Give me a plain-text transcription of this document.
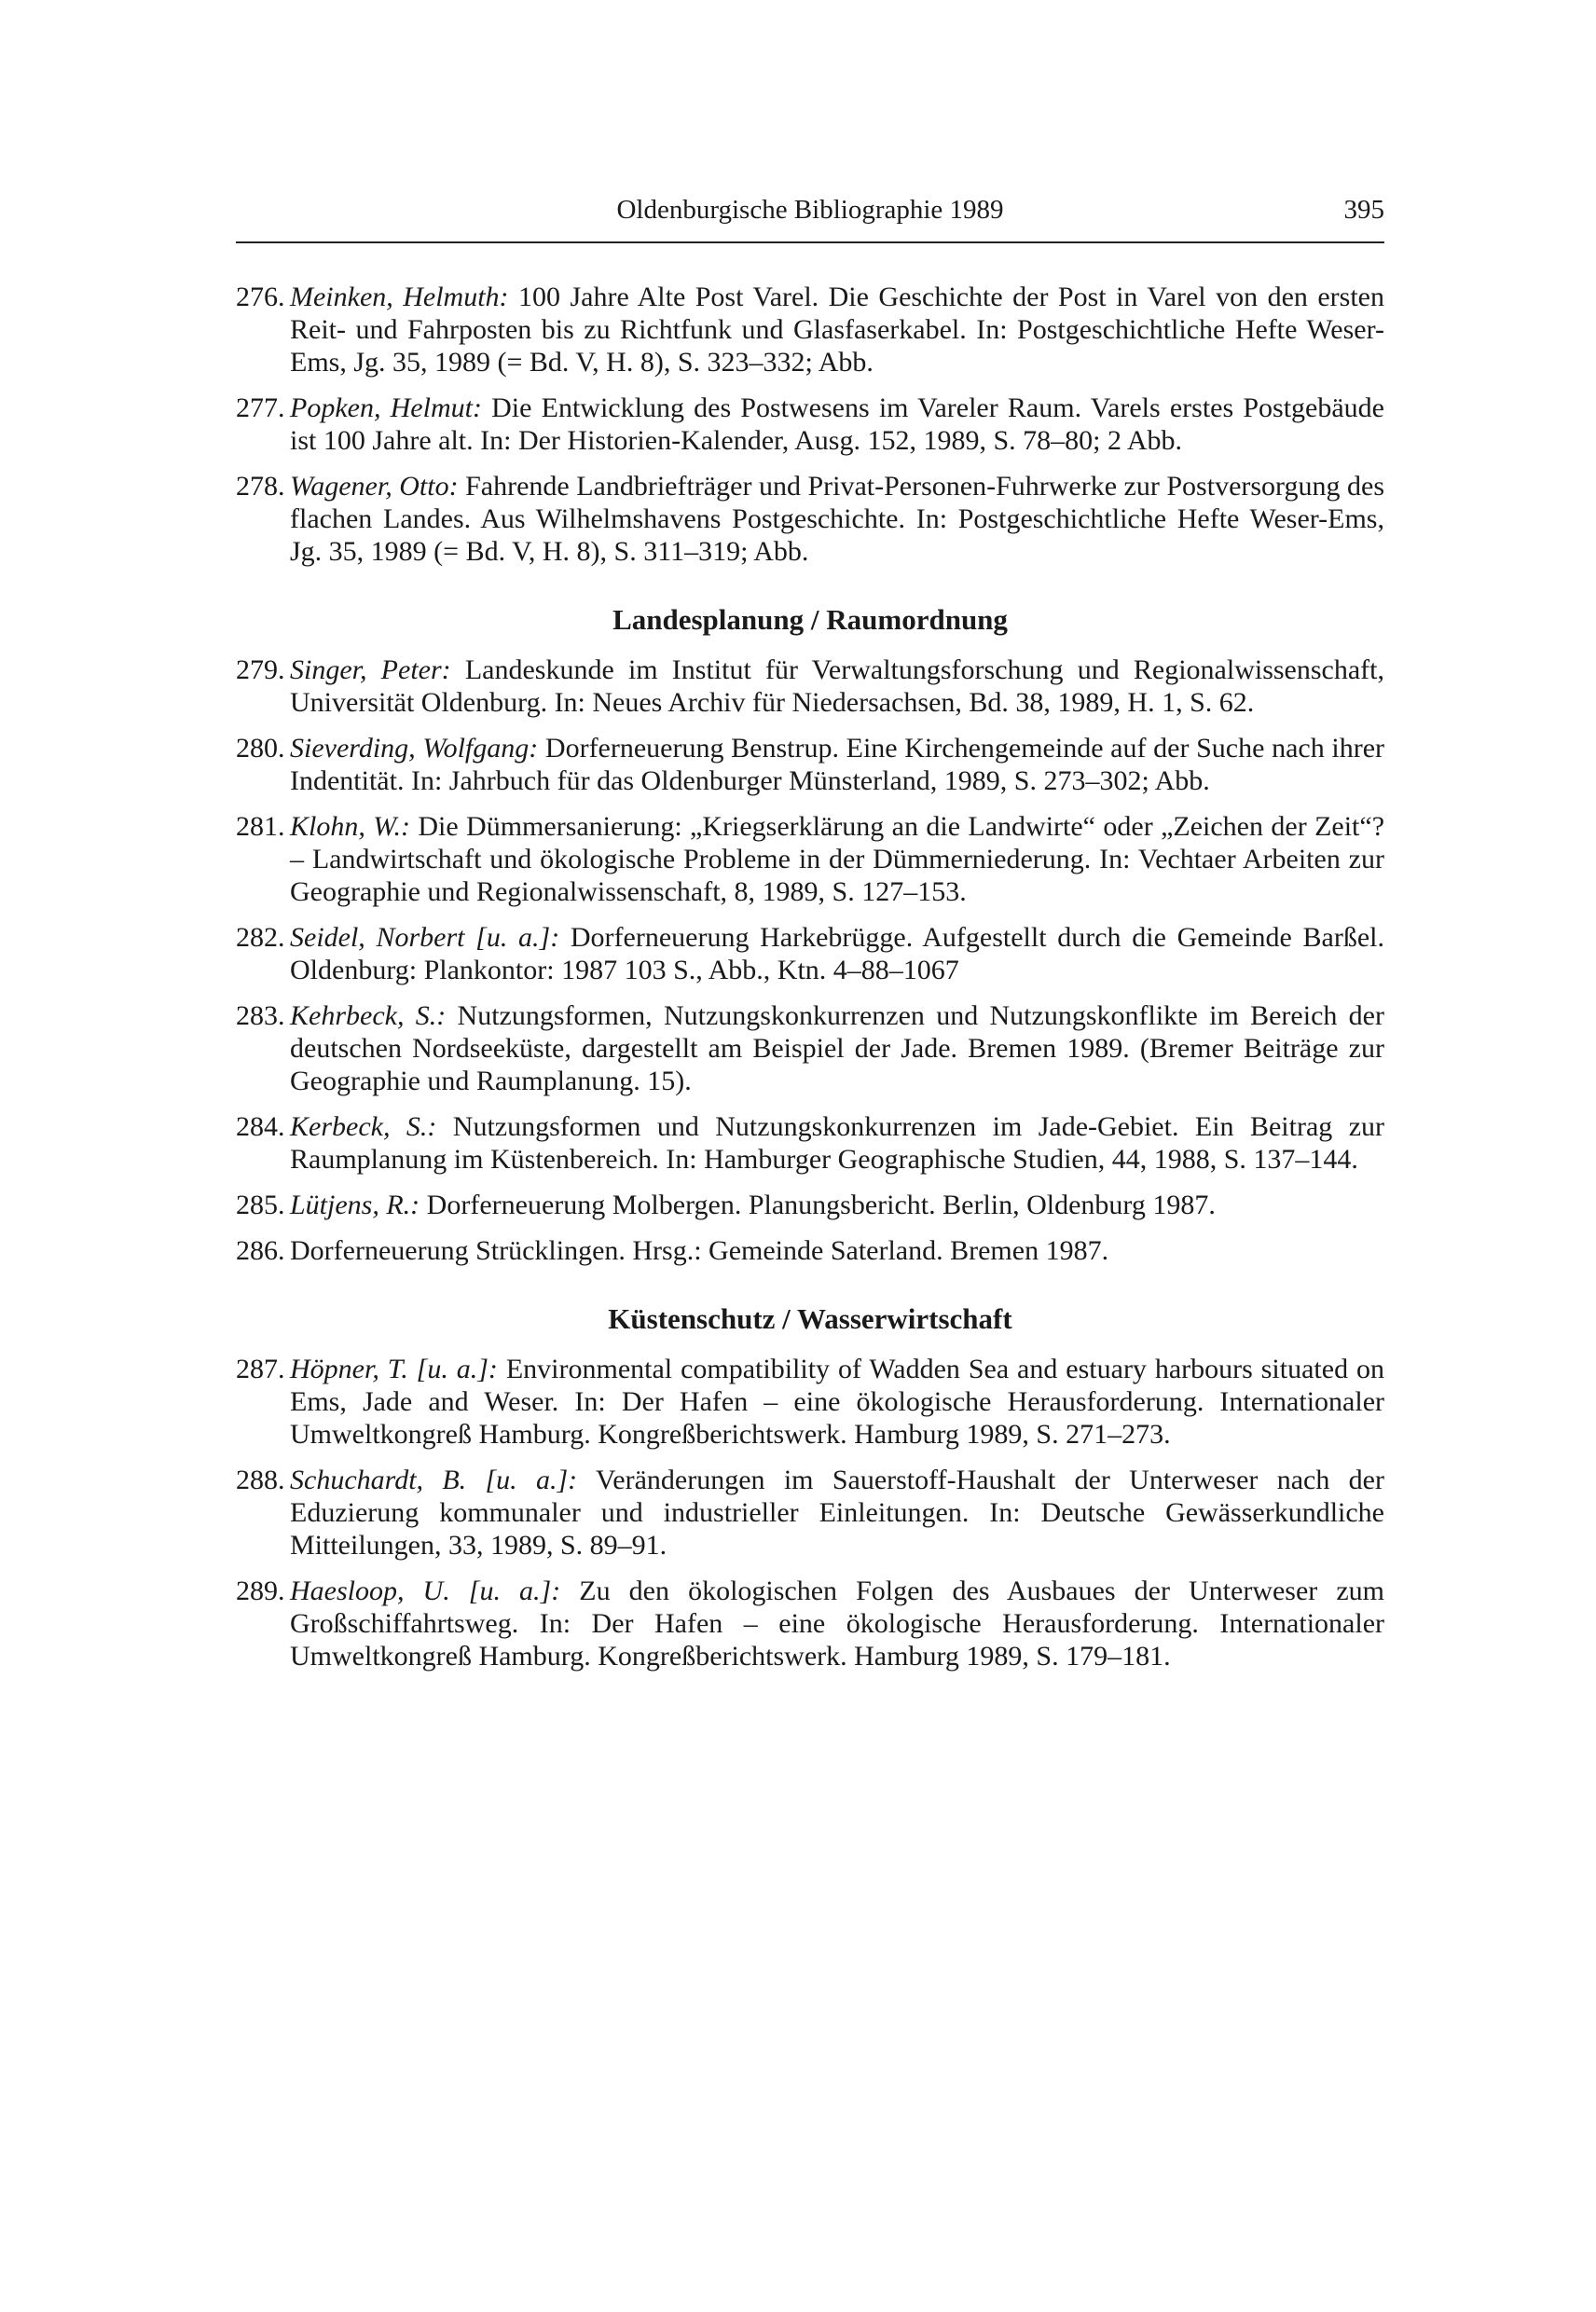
Oldenburgische Bibliographie 1989	395
276. Meinken, Helmuth: 100 Jahre Alte Post Varel. Die Geschichte der Post in Varel von den ersten Reit- und Fahrposten bis zu Richtfunk und Glasfaserkabel. In: Postgeschichtliche Hefte Weser-Ems, Jg. 35, 1989 (= Bd. V, H. 8), S. 323–332; Abb.
277. Popken, Helmut: Die Entwicklung des Postwesens im Vareler Raum. Varels erstes Postgebäude ist 100 Jahre alt. In: Der Historien-Kalender, Ausg. 152, 1989, S. 78–80; 2 Abb.
278. Wagener, Otto: Fahrende Landbriefträger und Privat-Personen-Fuhrwerke zur Postversorgung des flachen Landes. Aus Wilhelmshavens Postgeschichte. In: Postgeschichtliche Hefte Weser-Ems, Jg. 35, 1989 (= Bd. V, H. 8), S. 311–319; Abb.
Landesplanung / Raumordnung
279. Singer, Peter: Landeskunde im Institut für Verwaltungsforschung und Regionalwissenschaft, Universität Oldenburg. In: Neues Archiv für Niedersachsen, Bd. 38, 1989, H. 1, S. 62.
280. Sieverding, Wolfgang: Dorferneuerung Benstrup. Eine Kirchengemeinde auf der Suche nach ihrer Indentität. In: Jahrbuch für das Oldenburger Münsterland, 1989, S. 273–302; Abb.
281. Klohn, W.: Die Dümmersanierung: „Kriegserklärung an die Landwirte“ oder „Zeichen der Zeit“? – Landwirtschaft und ökologische Probleme in der Dümmerniederung. In: Vechtaer Arbeiten zur Geographie und Regionalwissenschaft, 8, 1989, S. 127–153.
282. Seidel, Norbert [u. a.]: Dorferneuerung Harkebrügge. Aufgestellt durch die Gemeinde Barßel. Oldenburg: Plankontor: 1987 103 S., Abb., Ktn. 4–88–1067
283. Kehrbeck, S.: Nutzungsformen, Nutzungskonkurrenzen und Nutzungskonflikte im Bereich der deutschen Nordseeküste, dargestellt am Beispiel der Jade. Bremen 1989. (Bremer Beiträge zur Geographie und Raumplanung. 15).
284. Kerbeck, S.: Nutzungsformen und Nutzungskonkurrenzen im Jade-Gebiet. Ein Beitrag zur Raumplanung im Küstenbereich. In: Hamburger Geographische Studien, 44, 1988, S. 137–144.
285. Lütjens, R.: Dorferneuerung Molbergen. Planungsbericht. Berlin, Oldenburg 1987.
286. Dorferneuerung Strücklingen. Hrsg.: Gemeinde Saterland. Bremen 1987.
Küstenschutz / Wasserwirtschaft
287. Höpner, T. [u. a.]: Environmental compatibility of Wadden Sea and estuary harbours situated on Ems, Jade and Weser. In: Der Hafen – eine ökologische Herausforderung. Internationaler Umweltkongreß Hamburg. Kongreßberichtswerk. Hamburg 1989, S. 271–273.
288. Schuchardt, B. [u. a.]: Veränderungen im Sauerstoff-Haushalt der Unterweser nach der Eduzierung kommunaler und industrieller Einleitungen. In: Deutsche Gewässerkundliche Mitteilungen, 33, 1989, S. 89–91.
289. Haesloop, U. [u. a.]: Zu den ökologischen Folgen des Ausbaues der Unterweser zum Großschiffahrtsweg. In: Der Hafen – eine ökologische Herausforderung. Internationaler Umweltkongreß Hamburg. Kongreßberichtswerk. Hamburg 1989, S. 179–181.
